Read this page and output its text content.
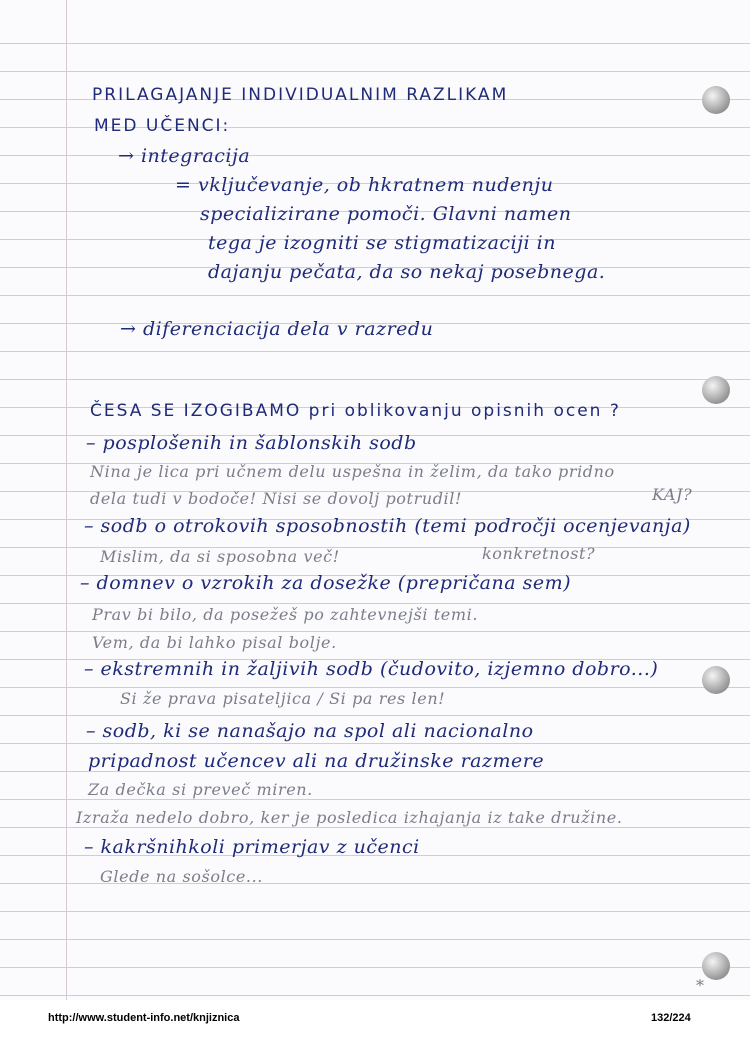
PRILAGAJANJE INDIVIDUALNIM RAZLIKAM

MED UČENCI:

→ integracija

= vključevanje, ob hkratnem nudenju

specializirane pomoči. Glavni namen

tega je izogniti se stigmatizaciji in

dajanju pečata, da so nekaj posebnega.

→ diferenciacija dela v razredu

ČESA SE IZOGIBAMO pri oblikovanju opisnih ocen ?

– posplošenih in šablonskih sodb

Nina je lica pri učnem delu uspešna in želim, da tako pridno

dela tudi v bodoče! Nisi se dovolj potrudil!	KAJ?

– sodb o otrokovih sposobnostih (temi področji ocenjevanja)

Mislim, da si sposobna več!	konkretnost?

– domnev o vzrokih za dosežke (prepričana sem)

Prav bi bilo, da posežeš po zahtevnejši temi.

Vem, da bi lahko pisal bolje.

– ekstremnih in žaljivih sodb (čudovito, izjemno dobro...)

Si že prava pisateljica / Si pa res len!

– sodb, ki se nanašajo na spol ali nacionalno

pripadnost učencev ali na družinske razmere

Za dečka si preveč miren.

Izraža nedelo dobro, ker je posledica izhajanja iz take družine.

– kakršnihkoli primerjav z učenci

Glede na sošolce...

*

http://www.student-info.net/knjiznica	132/224
